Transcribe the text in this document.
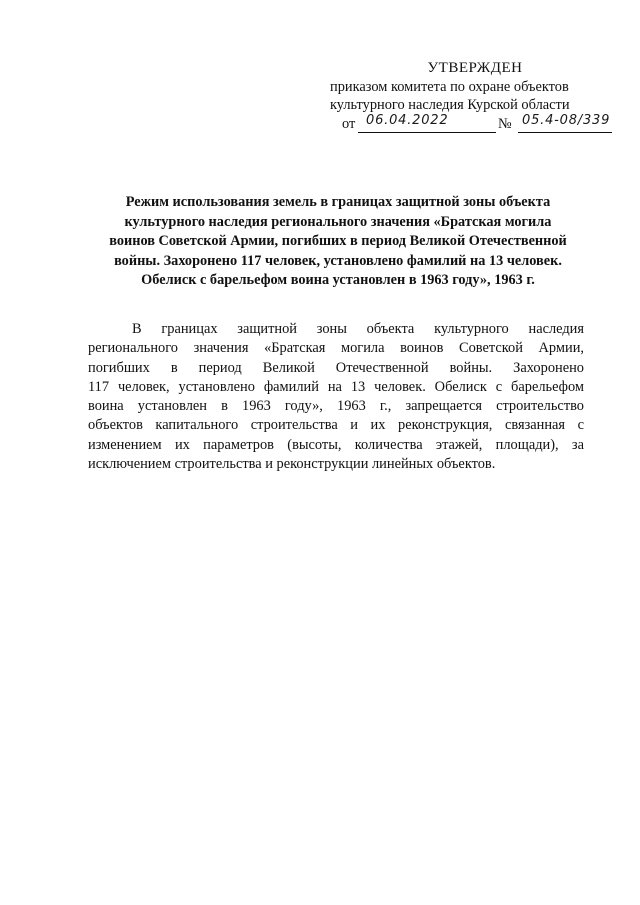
УТВЕРЖДЕН
приказом комитета по охране объектов
культурного наследия Курской области
от 06.04.2022	№ 05.4-08/339
Режим использования земель в границах защитной зоны объекта
культурного наследия регионального значения «Братская могила
воинов Советской Армии, погибших в период Великой Отечественной
войны. Захоронено 117 человек, установлено фамилий на 13 человек.
Обелиск с барельефом воина установлен в 1963 году», 1963 г.
В границах защитной зоны объекта культурного наследия
регионального значения «Братская могила воинов Советской Армии,
погибших в период Великой Отечественной войны. Захоронено
117 человек, установлено фамилий на 13 человек. Обелиск с барельефом
воина установлен в 1963 году», 1963 г., запрещается строительство
объектов капитального строительства и их реконструкция, связанная с
изменением их параметров (высоты, количества этажей, площади), за
исключением строительства и реконструкции линейных объектов.
